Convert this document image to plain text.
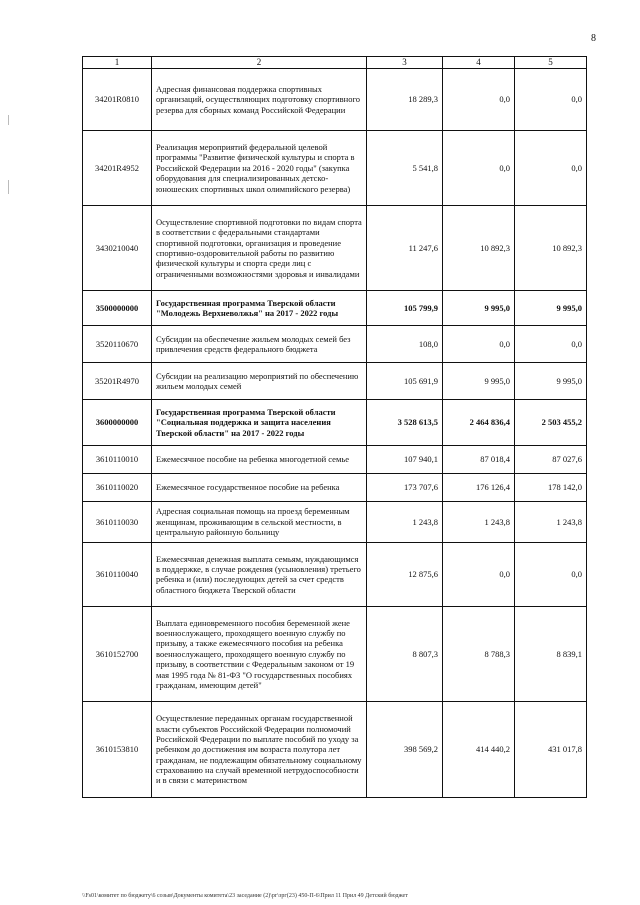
8
1	2	3	4	5
34201R0810	Адресная финансовая поддержка спортивных организаций, осуществляющих подготовку спортивного резерва для сборных команд Российской Федерации	18 289,3	0,0	0,0
34201R4952	Реализация мероприятий федеральной целевой программы "Развитие физической культуры и спорта в Российской Федерации на 2016 - 2020 годы" (закупка оборудования для специализированных детско-юношеских спортивных школ олимпийского резерва)	5 541,8	0,0	0,0
3430210040	Осуществление спортивной подготовки по видам спорта в соответствии с федеральными стандартами спортивной подготовки, организация и проведение спортивно-оздоровительной работы по развитию физической культуры и спорта среди лиц с ограниченными возможностями здоровья и инвалидами	11 247,6	10 892,3	10 892,3
3500000000	Государственная программа Тверской области "Молодежь Верхневолжья" на 2017 - 2022 годы	105 799,9	9 995,0	9 995,0
3520110670	Субсидии на обеспечение жильем молодых семей без привлечения средств федерального бюджета	108,0	0,0	0,0
35201R4970	Субсидии на реализацию мероприятий по обеспечению жильем молодых семей	105 691,9	9 995,0	9 995,0
3600000000	Государственная программа Тверской области "Социальная поддержка и защита населения Тверской области" на 2017 - 2022 годы	3 528 613,5	2 464 836,4	2 503 455,2
3610110010	Ежемесячное пособие на ребенка многодетной семье	107 940,1	87 018,4	87 027,6
3610110020	Ежемесячное государственное пособие на ребенка	173 707,6	176 126,4	178 142,0
3610110030	Адресная социальная помощь на проезд беременным женщинам, проживающим в сельской местности, в центральную районную больницу	1 243,8	1 243,8	1 243,8
3610110040	Ежемесячная денежная выплата семьям, нуждающимся в поддержке, в случае рождения (усыновления) третьего ребенка и (или) последующих детей за счет средств областного бюджета Тверской области	12 875,6	0,0	0,0
3610152700	Выплата единовременного пособия беременной жене военнослужащего, проходящего военную службу по призыву, а также ежемесячного пособия на ребенка военнослужащего, проходящего военную службу по призыву, в соответствии с Федеральным законом от 19 мая 1995 года № 81-ФЗ "О государственных пособиях гражданам, имеющим детей"	8 807,3	8 788,3	8 839,1
3610153810	Осуществление переданных органам государственной власти субъектов Российской Федерации полномочий Российской Федерации по выплате пособий по уходу за ребенком до достижения им возраста полутора лет гражданам, не подлежащим обязательному социальному страхованию на случай временной нетрудоспособности и в связи с материнством	398 569,2	414 440,2	431 017,8
\\Fs01\комитет по бюджету\6 созыв\Документы комитета\23 заседание (2)\рг\зрг(23) 450-П-6\Прил 11 Прил 49 Детский бюджет
